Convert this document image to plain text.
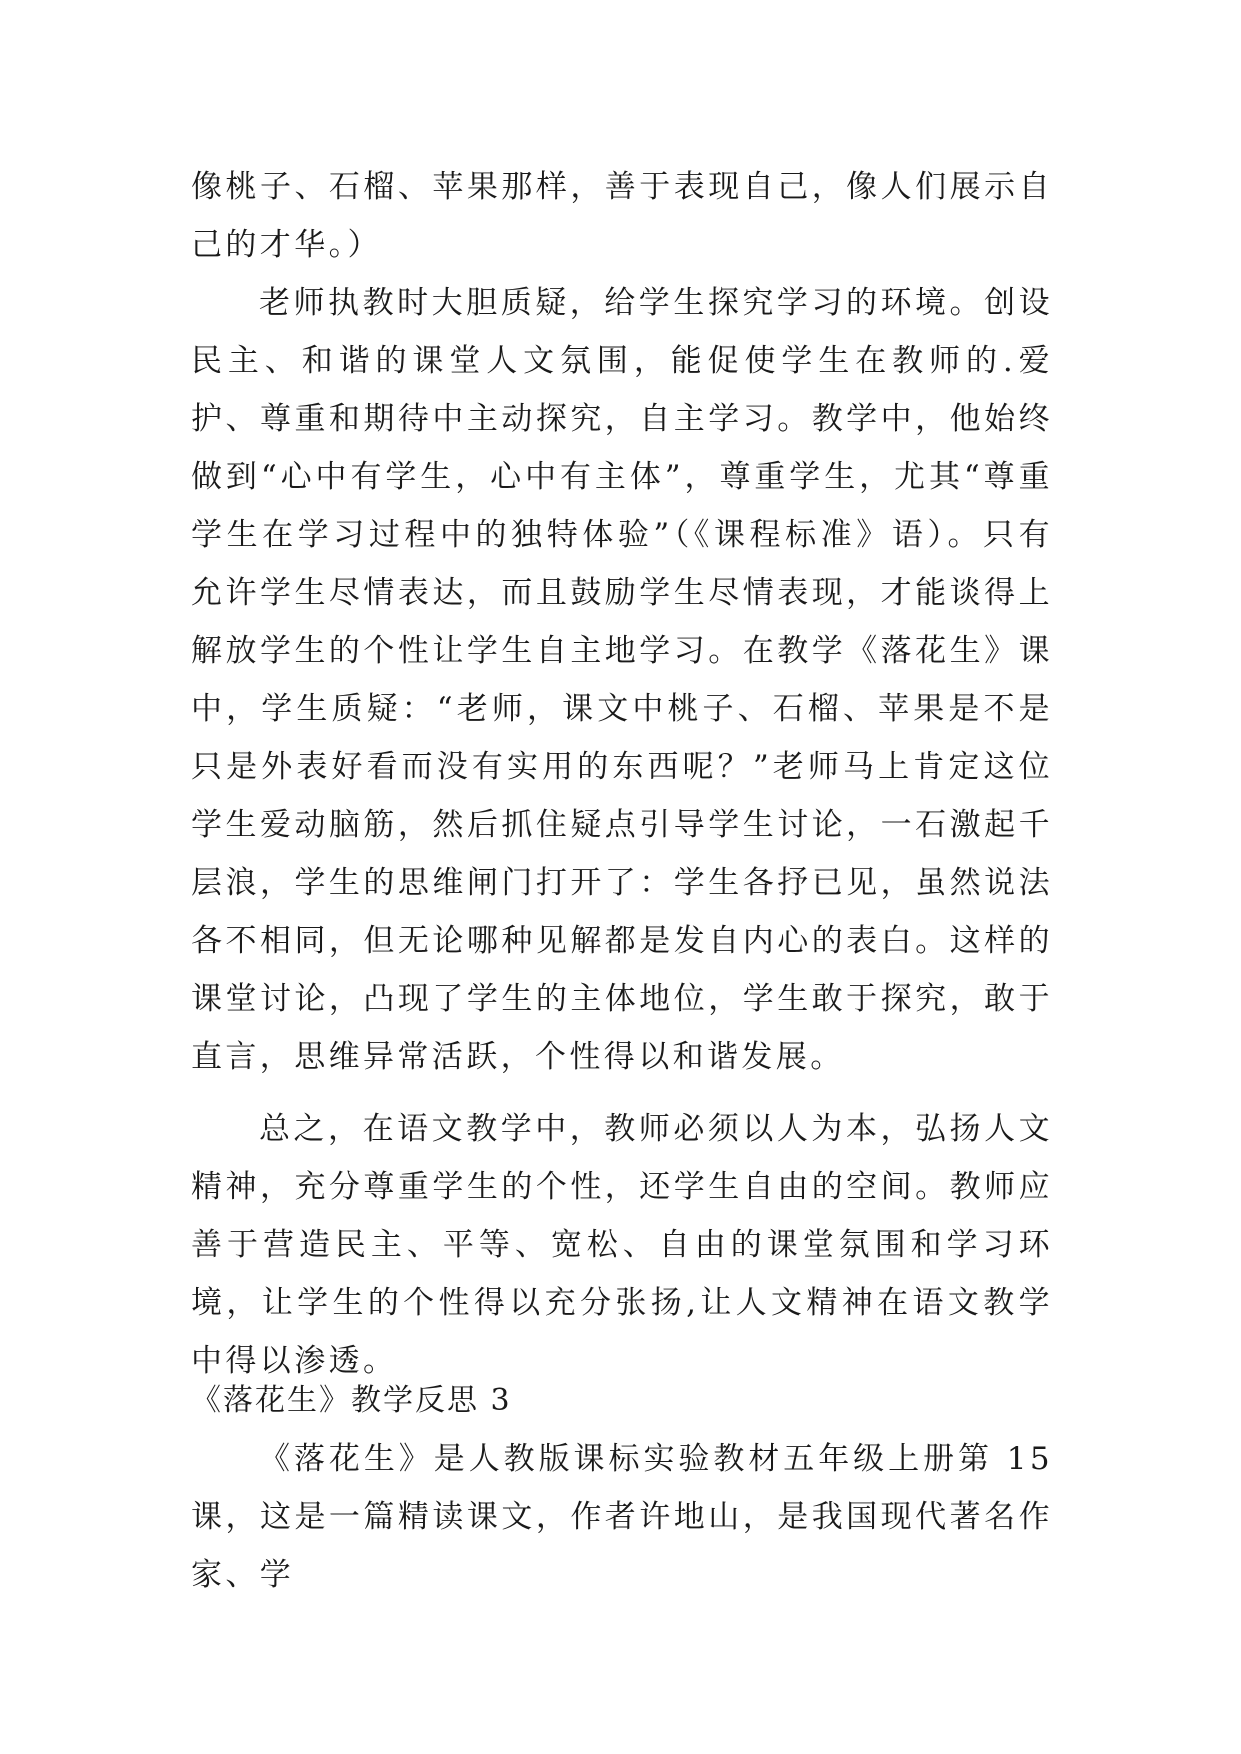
像桃子、石榴、苹果那样，善于表现自己，像人们展示自己的才华。）

老师执教时大胆质疑，给学生探究学习的环境。创设民主、和谐的课堂人文氛围，能促使学生在教师的.爱护、尊重和期待中主动探究，自主学习。教学中，他始终做到“心中有学生，心中有主体”，尊重学生，尤其“尊重学生在学习过程中的独特体验”（《课程标准》语）。只有允许学生尽情表达，而且鼓励学生尽情表现，才能谈得上解放学生的个性让学生自主地学习。在教学《落花生》课中，学生质疑：“老师，课文中桃子、石榴、苹果是不是只是外表好看而没有实用的东西呢？”老师马上肯定这位学生爱动脑筋，然后抓住疑点引导学生讨论，一石激起千层浪，学生的思维闸门打开了：学生各抒已见，虽然说法各不相同，但无论哪种见解都是发自内心的表白。这样的课堂讨论，凸现了学生的主体地位，学生敢于探究，敢于直言，思维异常活跃，个性得以和谐发展。

总之，在语文教学中，教师必须以人为本，弘扬人文精神，充分尊重学生的个性，还学生自由的空间。教师应善于营造民主、平等、宽松、自由的课堂氛围和学习环境，让学生的个性得以充分张扬,让人文精神在语文教学中得以渗透。

《落花生》教学反思 3

《落花生》是人教版课标实验教材五年级上册第 15 课，这是一篇精读课文，作者许地山，是我国现代著名作家、学
